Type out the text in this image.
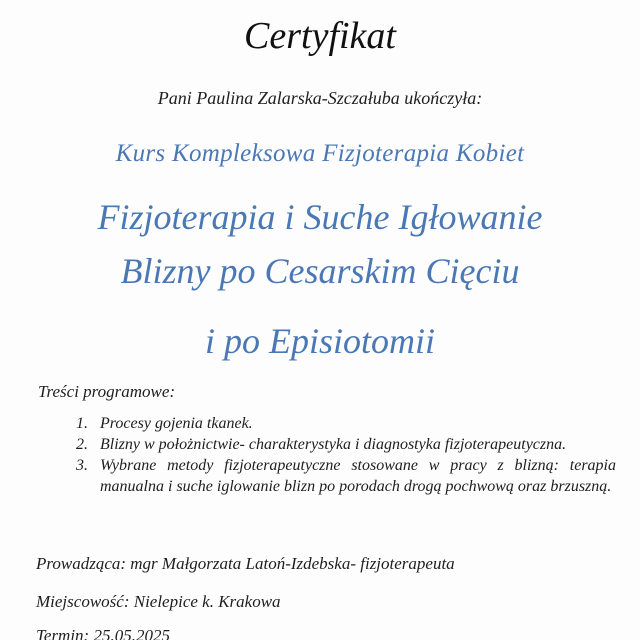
Certyfikat
Pani Paulina Zalarska-Szczałuba ukończyła:
Kurs Kompleksowa Fizjoterapia Kobiet
Fizjoterapia i Suche Igłowanie
Blizny po Cesarskim Cięciu
i po Episiotomii
Treści programowe:
1. Procesy gojenia tkanek.
2. Blizny w położnictwie- charakterystyka i diagnostyka fizjoterapeutyczna.
3. Wybrane metody fizjoterapeutyczne stosowane w pracy z blizną: terapia manualna i suche iglowanie blizn po porodach drogą pochwową oraz brzuszną.
Prowadząca: mgr Małgorzata Latoń-Izdebska- fizjoterapeuta
Miejscowość: Nielepice k. Krakowa
Termin: 25.05.2025
